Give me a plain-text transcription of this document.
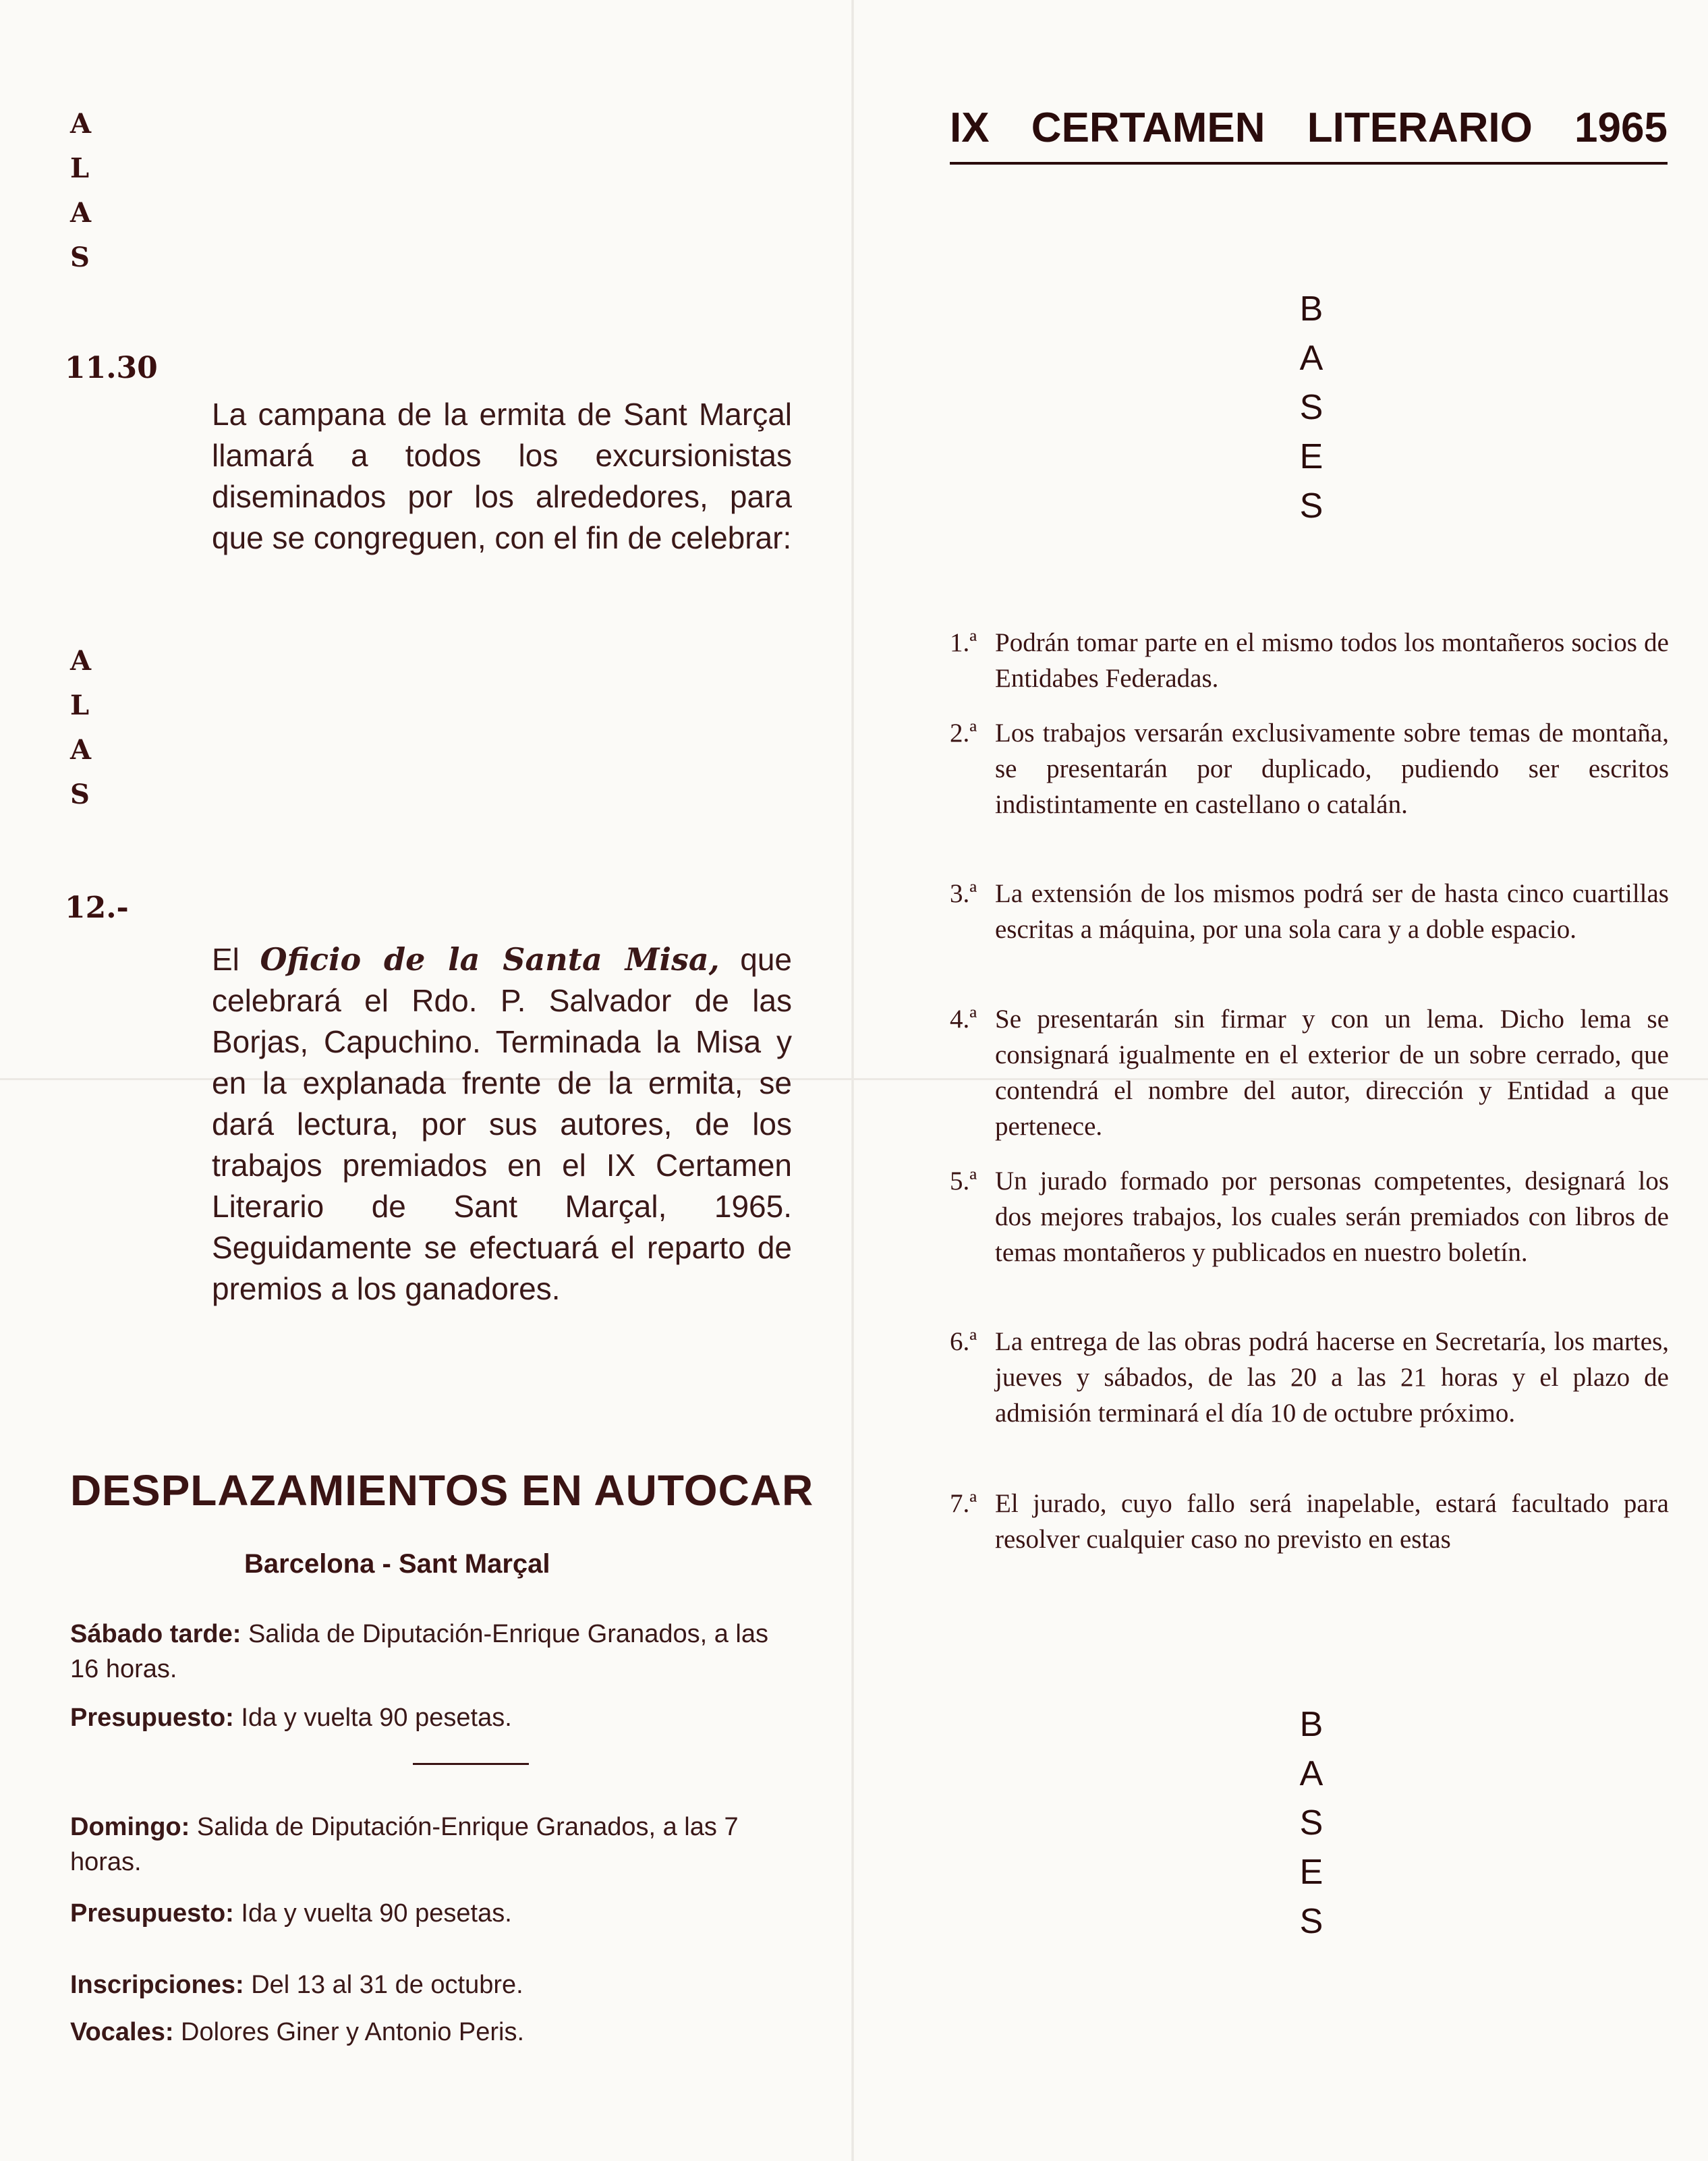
A
L
A
S
11.30
La campana de la ermita de Sant Marçal llamará a todos los excursionistas diseminados por los alrededores, para que se congreguen, con el fin de celebrar:
A
L
A
S
12.-
El Oficio de la Santa Misa, que celebrará el Rdo. P. Salvador de las Borjas, Capuchino. Terminada la Misa y en la explanada frente de la ermita, se dará lectura, por sus autores, de los trabajos premiados en el IX Certamen Literario de Sant Marçal, 1965. Seguidamente se efectuará el reparto de premios a los ganadores.
DESPLAZAMIENTOS EN AUTOCAR
Barcelona - Sant Marçal
Sábado tarde: Salida de Diputación-Enrique Granados, a las 16 horas.
Presupuesto: Ida y vuelta 90 pesetas.
Domingo: Salida de Diputación-Enrique Granados, a las 7 horas.
Presupuesto: Ida y vuelta 90 pesetas.
Inscripciones: Del 13 al 31 de octubre.
Vocales: Dolores Giner y Antonio Peris.
IX CERTAMEN LITERARIO 1965
B
A
S
E
S
1.ª Podrán tomar parte en el mismo todos los montañeros socios de Entidabes Federadas.
2.ª Los trabajos versarán exclusivamente sobre temas de montaña, se presentarán por duplicado, pudiendo ser escritos indistintamente en castellano o catalán.
3.ª La extensión de los mismos podrá ser de hasta cinco cuartillas escritas a máquina, por una sola cara y a doble espacio.
4.ª Se presentarán sin firmar y con un lema. Dicho lema se consignará igualmente en el exterior de un sobre cerrado, que contendrá el nombre del autor, dirección y Entidad a que pertenece.
5.ª Un jurado formado por personas competentes, designará los dos mejores trabajos, los cuales serán premiados con libros de temas montañeros y publicados en nuestro boletín.
6.ª La entrega de las obras podrá hacerse en Secretaría, los martes, jueves y sábados, de las 20 a las 21 horas y el plazo de admisión terminará el día 10 de octubre próximo.
7.ª El jurado, cuyo fallo será inapelable, estará facultado para resolver cualquier caso no previsto en estas
B
A
S
E
S
